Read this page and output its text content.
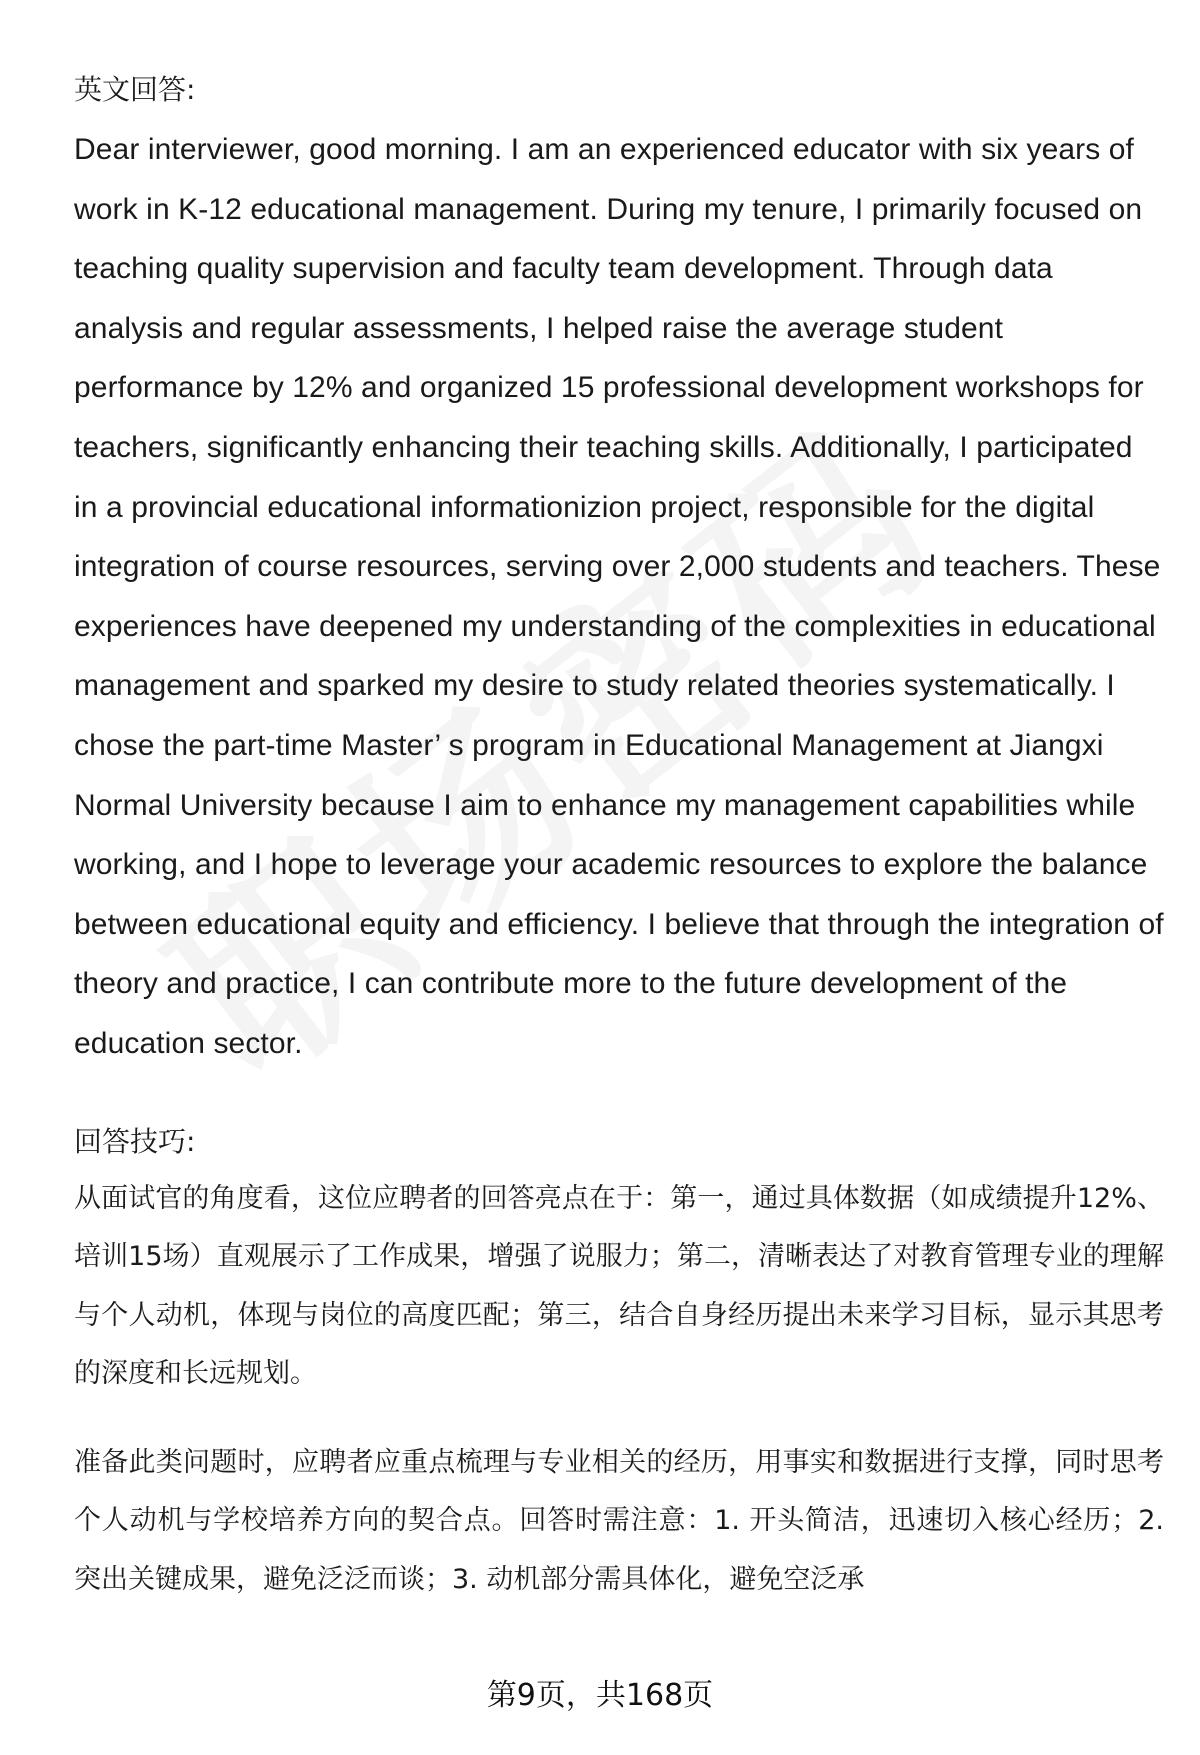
英文回答:

Dear interviewer, good morning. I am an experienced educator with six years of work in K-12 educational management. During my tenure, I primarily focused on teaching quality supervision and faculty team development. Through data analysis and regular assessments, I helped raise the average student performance by 12% and organized 15 professional development workshops for teachers, significantly enhancing their teaching skills. Additionally, I participated in a provincial educational informationizion project, responsible for the digital integration of course resources, serving over 2,000 students and teachers. These experiences have deepened my understanding of the complexities in educational management and sparked my desire to study related theories systematically. I chose the part-time Master’ s program in Educational Management at Jiangxi Normal University because I aim to enhance my management capabilities while working, and I hope to leverage your academic resources to explore the balance between educational equity and efficiency. I believe that through the integration of theory and practice, I can contribute more to the future development of the education sector.

回答技巧:

从面试官的角度看，这位应聘者的回答亮点在于：第一，通过具体数据（如成绩提升12%、培训15场）直观展示了工作成果，增强了说服力；第二，清晰表达了对教育管理专业的理解与个人动机，体现与岗位的高度匹配；第三，结合自身经历提出未来学习目标，显示其思考的深度和长远规划。

准备此类问题时，应聘者应重点梳理与专业相关的经历，用事实和数据进行支撑，同时思考个人动机与学校培养方向的契合点。回答时需注意：1. 开头简洁，迅速切入核心经历；2. 突出关键成果，避免泛泛而谈；3. 动机部分需具体化，避免空泛承

第9页，共168页
